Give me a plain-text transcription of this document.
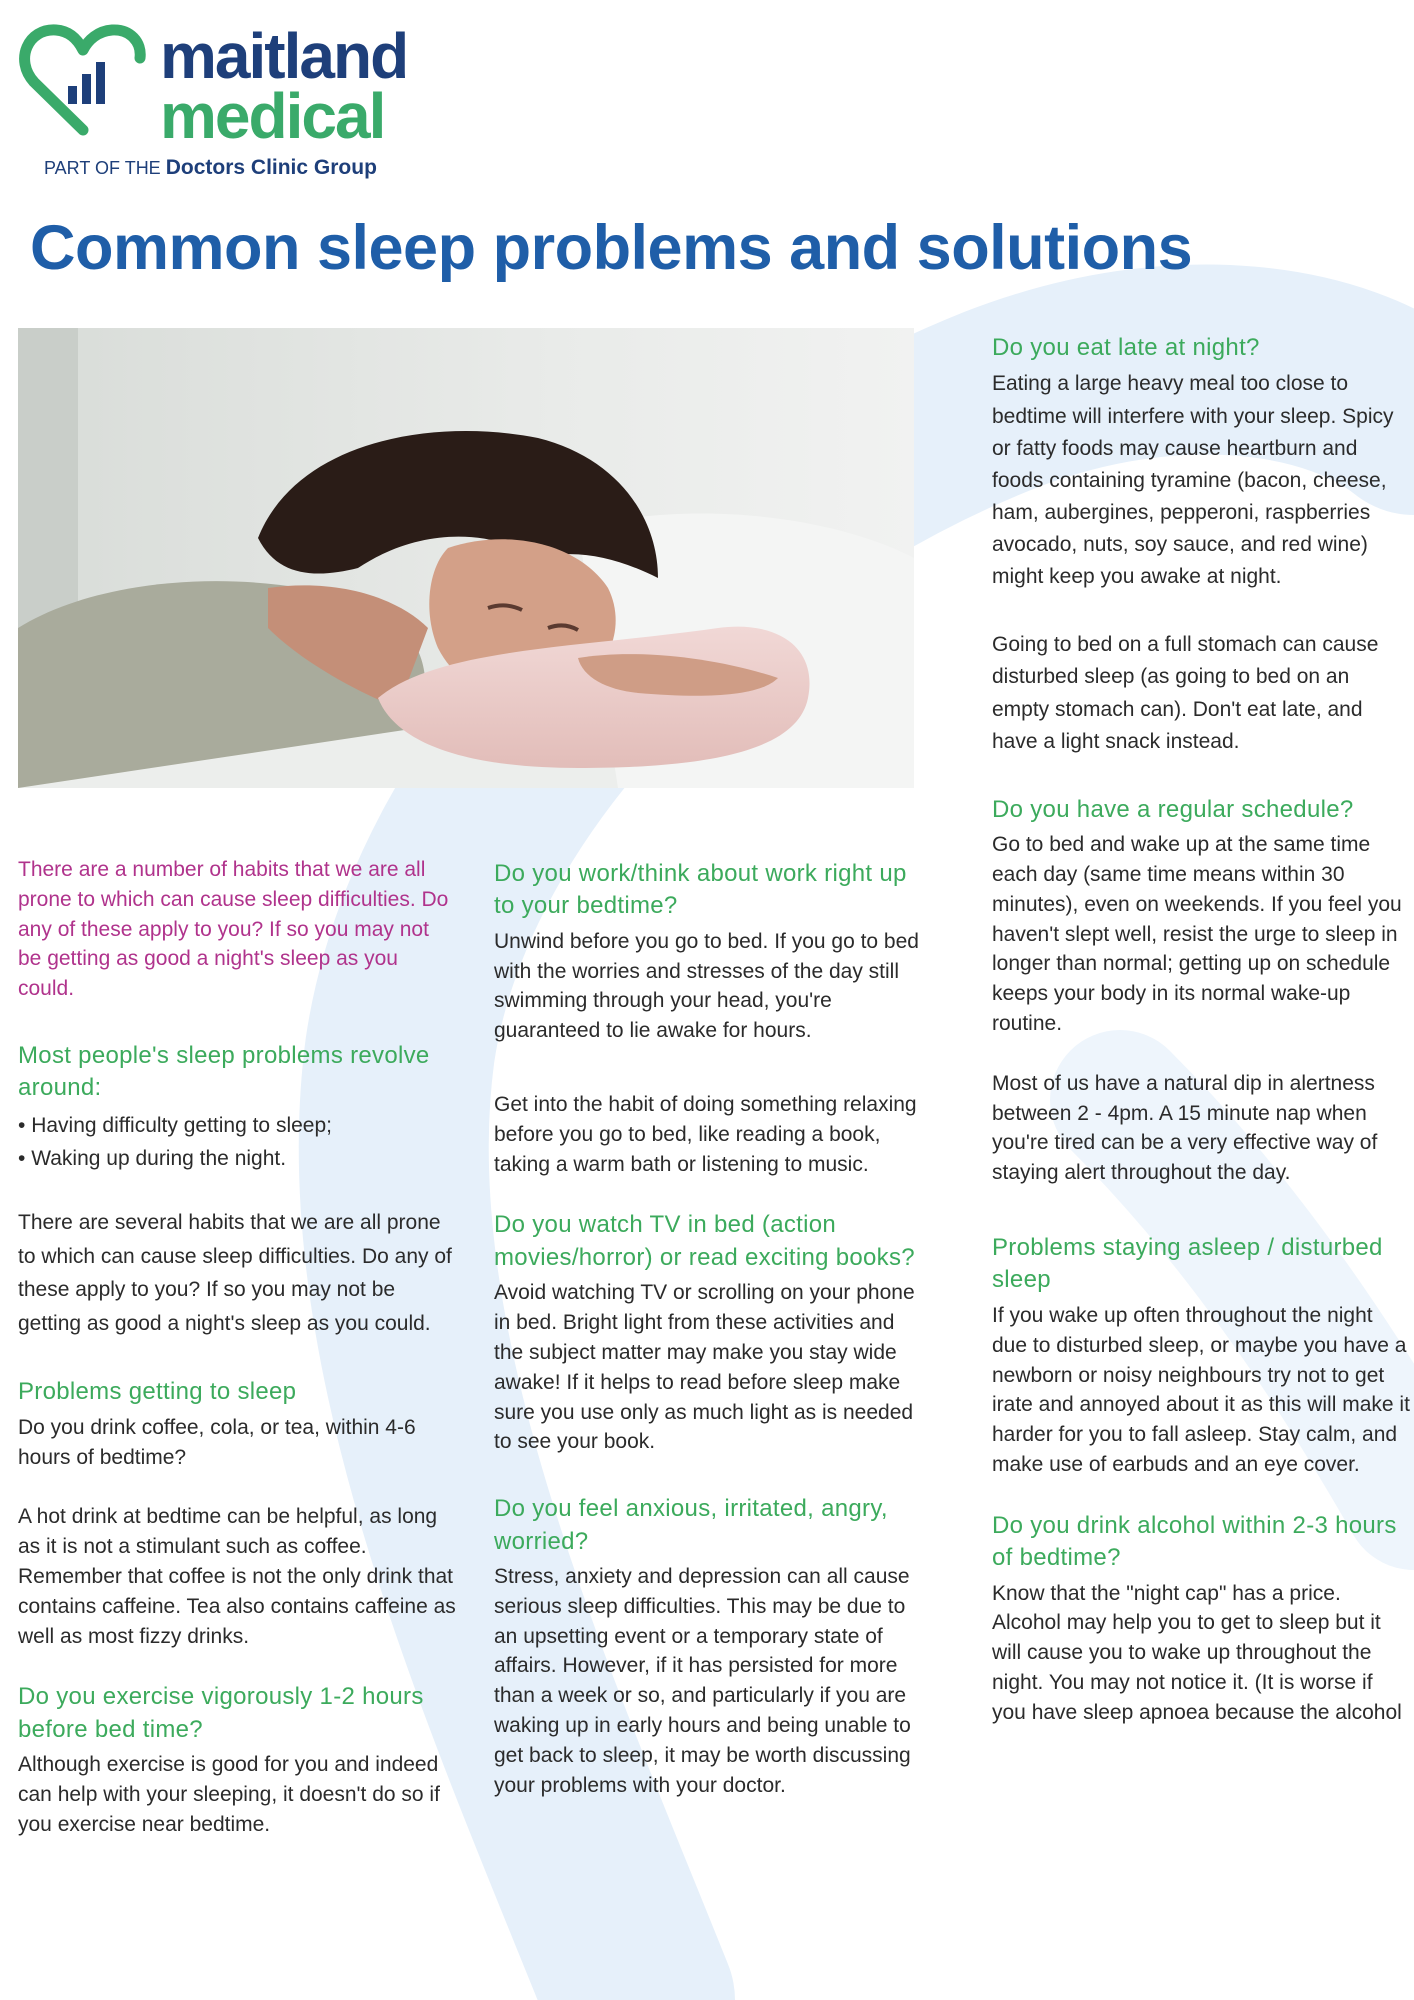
maitland
medical
PART OF THE Doctors Clinic Group
Common sleep problems and solutions

There are a number of habits that we are all prone to which can cause sleep difficulties. Do any of these apply to you? If so you may not be getting as good a night's sleep as you could.

Most people's sleep problems revolve around:
• Having difficulty getting to sleep;
• Waking up during the night.

There are several habits that we are all prone to which can cause sleep difficulties. Do any of these apply to you? If so you may not be getting as good a night's sleep as you could.

Problems getting to sleep

Do you drink coffee, cola, or tea, within 4-6 hours of bedtime?

A hot drink at bedtime can be helpful, as long as it is not a stimulant such as coffee. Remember that coffee is not the only drink that contains caffeine. Tea also contains caffeine as well as most fizzy drinks.

Do you exercise vigorously 1-2 hours before bed time?

Although exercise is good for you and indeed can help with your sleeping, it doesn't do so if you exercise near bedtime.

Do you work/think about work right up to your bedtime?

Unwind before you go to bed. If you go to bed with the worries and stresses of the day still swimming through your head, you're guaranteed to lie awake for hours.

Get into the habit of doing something relaxing before you go to bed, like reading a book, taking a warm bath or listening to music.

Do you watch TV in bed (action movies/horror) or read exciting books?

Avoid watching TV or scrolling on your phone in bed. Bright light from these activities and the subject matter may make you stay wide awake! If it helps to read before sleep make sure you use only as much light as is needed to see your book.

Do you feel anxious, irritated, angry, worried?

Stress, anxiety and depression can all cause serious sleep difficulties. This may be due to an upsetting event or a temporary state of affairs. However, if it has persisted for more than a week or so, and particularly if you are waking up in early hours and being unable to get back to sleep, it may be worth discussing your problems with your doctor.

Do you eat late at night?

Eating a large heavy meal too close to bedtime will interfere with your sleep. Spicy or fatty foods may cause heartburn and foods containing tyramine (bacon, cheese, ham, aubergines, pepperoni, raspberries avocado, nuts, soy sauce, and red wine) might keep you awake at night.

Going to bed on a full stomach can cause disturbed sleep (as going to bed on an empty stomach can). Don't eat late, and have a light snack instead.

Do you have a regular schedule?

Go to bed and wake up at the same time each day (same time means within 30 minutes), even on weekends. If you feel you haven't slept well, resist the urge to sleep in longer than normal; getting up on schedule keeps your body in its normal wake-up routine.

Most of us have a natural dip in alertness between 2 - 4pm. A 15 minute nap when you're tired can be a very effective way of staying alert throughout the day.

Problems staying asleep / disturbed sleep

If you wake up often throughout the night due to disturbed sleep, or maybe you have a newborn or noisy neighbours try not to get irate and annoyed about it as this will make it harder for you to fall asleep. Stay calm, and make use of earbuds and an eye cover.

Do you drink alcohol within 2-3 hours of bedtime?

Know that the "night cap" has a price. Alcohol may help you to get to sleep but it will cause you to wake up throughout the night. You may not notice it. (It is worse if you have sleep apnoea because the alcohol
